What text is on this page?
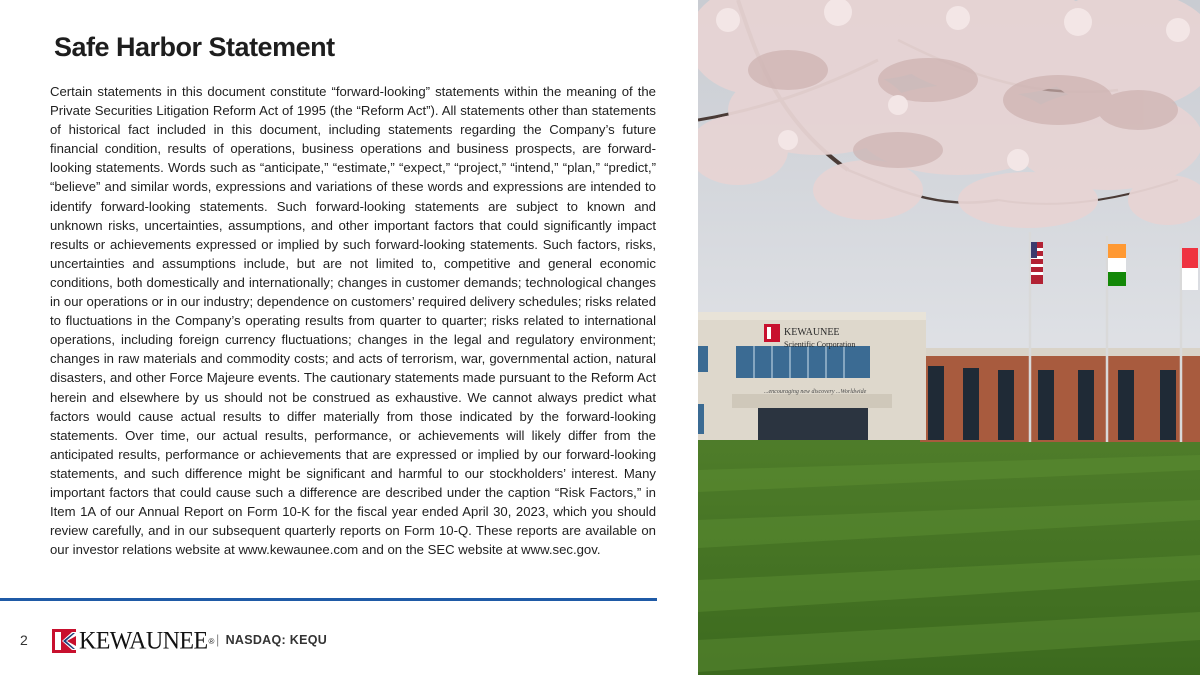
Safe Harbor Statement

Certain statements in this document constitute “forward-looking” statements within the meaning of the Private Securities Litigation Reform Act of 1995 (the “Reform Act”). All statements other than statements of historical fact included in this document, including statements regarding the Company’s future financial condition, results of operations, business operations and business prospects, are forward-looking statements. Words such as “anticipate,” “estimate,” “expect,” “project,” “intend,” “plan,” “predict,” “believe” and similar words, expressions and variations of these words and expressions are intended to identify forward-looking statements. Such forward-looking statements are subject to known and unknown risks, uncertainties, assumptions, and other important factors that could significantly impact results or achievements expressed or implied by such forward-looking statements. Such factors, risks, uncertainties and assumptions include, but are not limited to, competitive and general economic conditions, both domestically and internationally; changes in customer demands; technological changes in our operations or in our industry; dependence on customers’ required delivery schedules; risks related to fluctuations in the Company’s operating results from quarter to quarter; risks related to international operations, including foreign currency fluctuations; changes in the legal and regulatory environment; changes in raw materials and commodity costs; and acts of terrorism, war, governmental action, natural disasters, and other Force Majeure events. The cautionary statements made pursuant to the Reform Act herein and elsewhere by us should not be construed as exhaustive. We cannot always predict what factors would cause actual results to differ materially from those indicated by the forward-looking statements. Over time, our actual results, performance, or achievements will likely differ from the anticipated results, performance or achievements that are expressed or implied by our forward-looking statements, and such difference might be significant and harmful to our stockholders’ interest. Many important factors that could cause such a difference are described under the caption “Risk Factors,” in Item 1A of our Annual Report on Form 10-K for the fiscal year ended April 30, 2023, which you should review carefully, and in our subsequent quarterly reports on Form 10-Q. These reports are available on our investor relations website at www.kewaunee.com and on the SEC website at www.sec.gov.

2 KEWAUNEE ® | NASDAQ: KEQU
KEWAUNEE
Scientific Corporation
...encouraging new discovery ...Worldwide
